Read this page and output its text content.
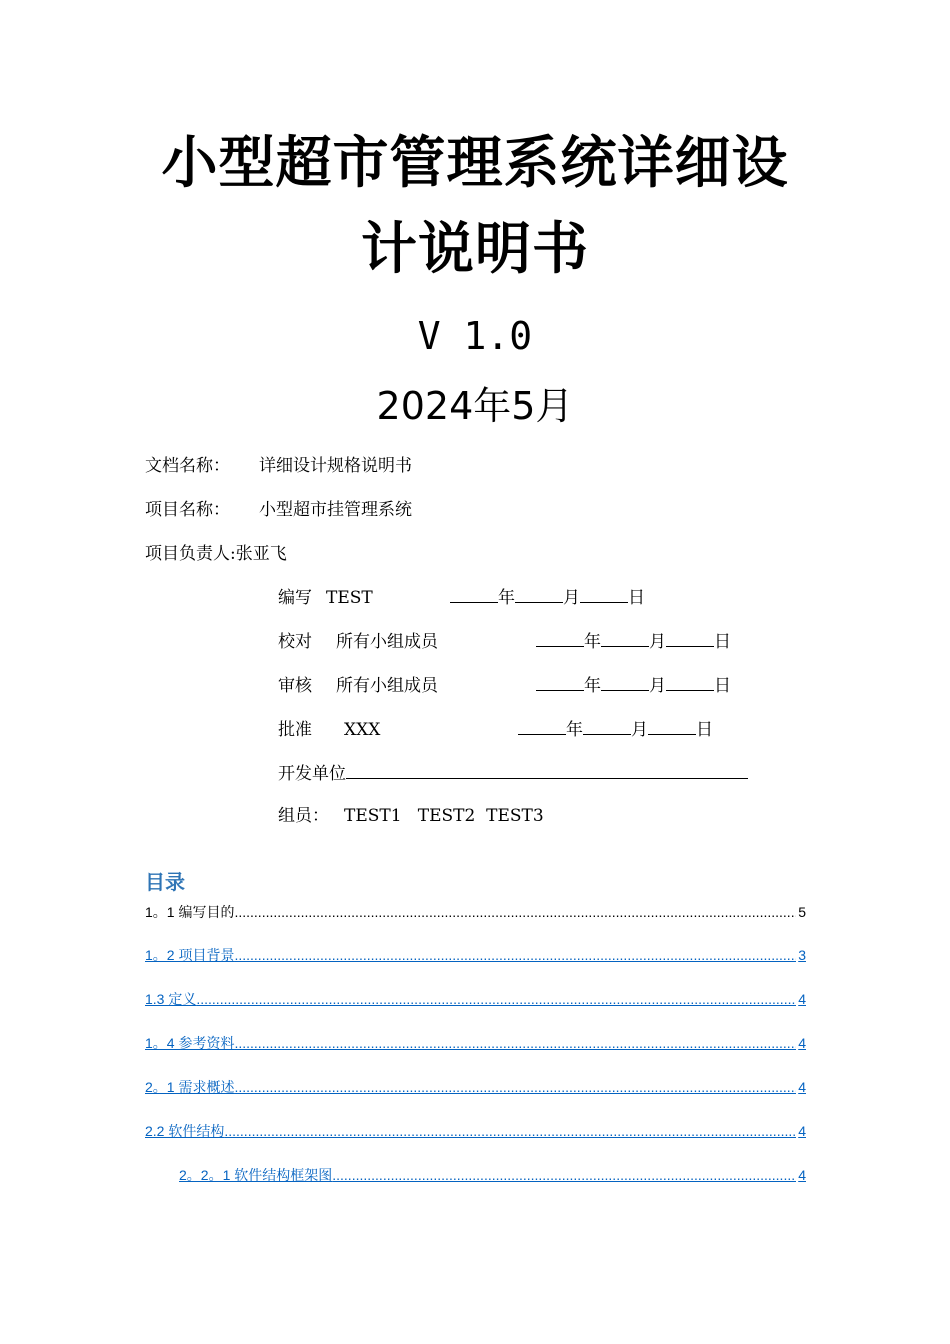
小型超市管理系统详细设
计说明书
V 1.0
2024年5月
文档名称： 详细设计规格说明书
项目名称： 小型超市挂管理系统
项目负责人:张亚飞
编写 TEST	年	月	日
校对 所有小组成员	年	月	日
审核 所有小组成员	年	月	日
批准 XXX	年	月	日
开发单位
组员： TEST1   TEST2  TEST3
目录
1。1 编写目的 .....	5
1。2 项目背景 .....	3
1.3 定义 .....	4
1。4 参考资料 .....	4
2。1 需求概述 .....	4
2.2 软件结构 .....	4
2。2。1 软件结构框架图 .....	4
